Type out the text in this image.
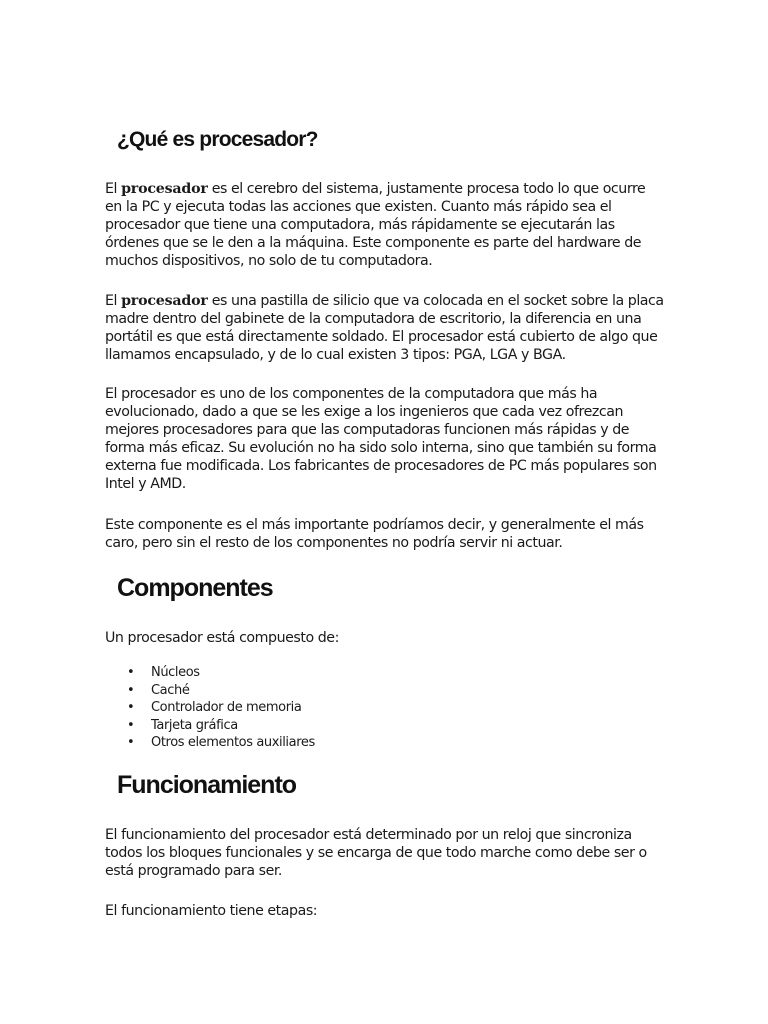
¿Qué es procesador?

El procesador es el cerebro del sistema, justamente procesa todo lo que ocurre en la PC y ejecuta todas las acciones que existen. Cuanto más rápido sea el procesador que tiene una computadora, más rápidamente se ejecutarán las órdenes que se le den a la máquina. Este componente es parte del hardware de muchos dispositivos, no solo de tu computadora.

El procesador es una pastilla de silicio que va colocada en el socket sobre la placa madre dentro del gabinete de la computadora de escritorio, la diferencia en una portátil es que está directamente soldado. El procesador está cubierto de algo que llamamos encapsulado, y de lo cual existen 3 tipos: PGA, LGA y BGA.

El procesador es uno de los componentes de la computadora que más ha evolucionado, dado a que se les exige a los ingenieros que cada vez ofrezcan mejores procesadores para que las computadoras funcionen más rápidas y de forma más eficaz. Su evolución no ha sido solo interna, sino que también su forma externa fue modificada. Los fabricantes de procesadores de PC más populares son Intel y AMD.

Este componente es el más importante podríamos decir, y generalmente el más caro, pero sin el resto de los componentes no podría servir ni actuar.

Componentes

Un procesador está compuesto de:

• Núcleos
• Caché
• Controlador de memoria
• Tarjeta gráfica
• Otros elementos auxiliares
Funcionamiento

El funcionamiento del procesador está determinado por un reloj que sincroniza todos los bloques funcionales y se encarga de que todo marche como debe ser o está programado para ser.

El funcionamiento tiene etapas:
